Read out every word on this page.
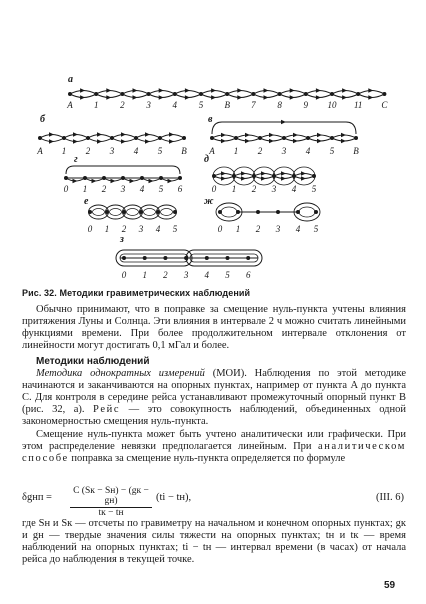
а
A 1 2 3 4 5 B 7 8 9 10 11 C
б
A 1 2 3 4 5 B
в
A 1 2 3 4 5 B
г
0 1 2 3 4 5 6
д
0 1 2 3 4 5
е
0 1 2 3 4 5
ж
0 1 2 3 4 5
з
0 1 2 3 4 5 6
Рис. 32. Методики гравиметрических наблюдений

Обычно принимают, что в поправке за смещение нуль-пункта учтены влияния притяжения Луны и Солнца. Эти влияния в интервале 2 ч можно считать линейными функциями времени. При более продолжительном интервале отклонения от линейности могут достигать 0,1 мГал и более.

Методики наблюдений

Методика однократных измерений (МОИ). Наблюдения по этой методике начинаются и заканчиваются на опорных пунктах, например от пункта A до пункта C. Для контроля в середине рейса устанавливают промежуточный опорный пункт B (рис. 32, а). Рейс — это совокупность наблюдений, объединенных одной закономерностью смещения нуль-пункта.

Смещение нуль-пункта может быть учтено аналитически или графически. При этом распределение невязки предполагается линейным. При аналитическом способе поправка за смещение нуль-пункта определяется по формуле

δgнп =
C (Sк − Sн) − (gк − gн)
tк − tн
(ti − tн),	(III. 6)

где Sн и Sк — отсчеты по гравиметру на начальном и конечном опорных пунктах; gк и gн — твердые значения силы тяжести на опорных пунктах; tн и tк — время наблюдений на опорных пунктах; ti − tн — интервал времени (в часах) от начала рейса до наблюдения в текущей точке.

59
